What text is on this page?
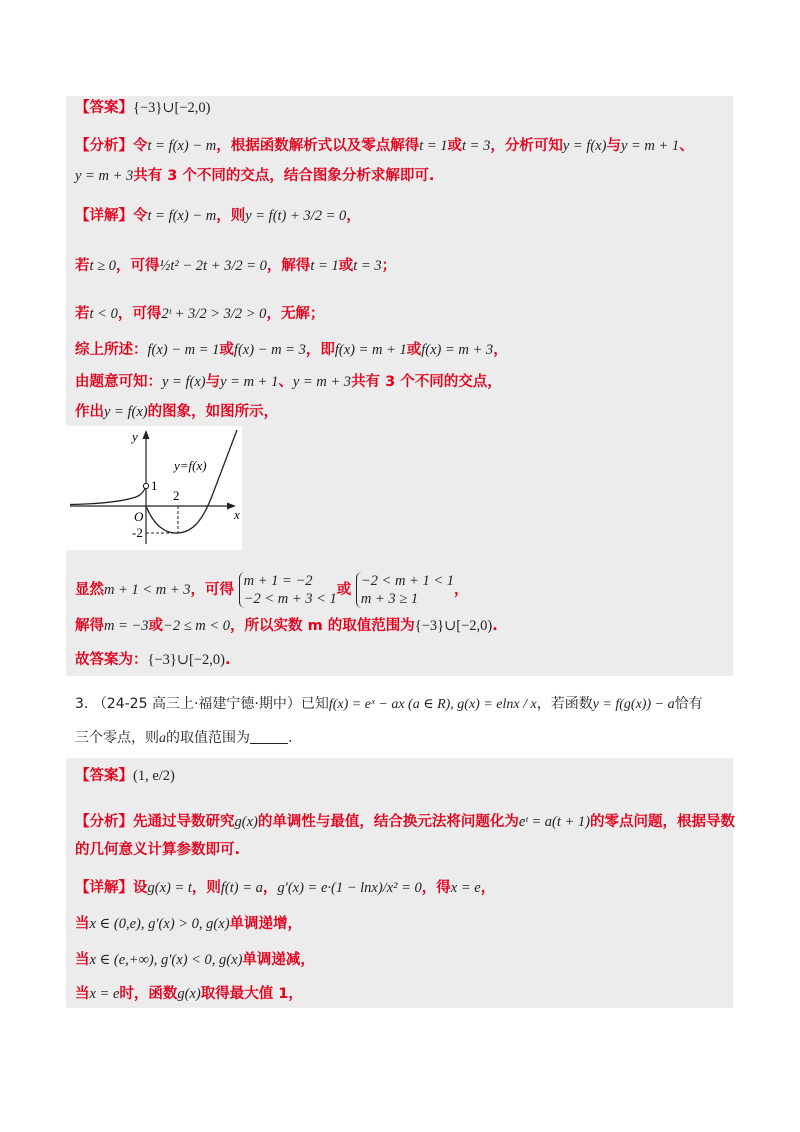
【答案】{−3}∪[−2,0)
【分析】令t = f(x) − m，根据函数解析式以及零点解得t = 1或t = 3，分析可知y = f(x)与y = m + 1、
y = m + 3共有 3 个不同的交点，结合图象分析求解即可.
【详解】令t = f(x) − m，则y = f(t) + 3/2 = 0，
若t ≥ 0，可得½t² − 2t + 3/2 = 0，解得t = 1或t = 3；
若t < 0，可得2ᵗ + 3/2 > 3/2 > 0，无解；
综上所述：f(x) − m = 1或f(x) − m = 3，即f(x) = m + 1或f(x) = m + 3，
由题意可知：y = f(x)与y = m + 1、y = m + 3共有 3 个不同的交点，
作出y = f(x)的图象，如图所示，
y
x
O
y=f(x)
1
2
-2
显然m + 1 < m + 3，可得
m + 1 = −2
−2 < m + 3 < 1
或
−2 < m + 1 < 1
m + 3 ≥ 1
，
解得m = −3或−2 ≤ m < 0，所以实数 m 的取值范围为{−3}∪[−2,0).
故答案为：{−3}∪[−2,0).
3. （24-25 高三上·福建宁德·期中）已知f(x) = eˣ − ax (a ∈ R), g(x) = elnx / x，若函数y = f(g(x)) − a恰有
三个零点，则a的取值范围为	.
【答案】(1, e/2)
【分析】先通过导数研究g(x)的单调性与最值，结合换元法将问题化为eᵗ = a(t + 1)的零点问题，根据导数
的几何意义计算参数即可.
【详解】设g(x) = t，则f(t) = a，g′(x) = e·(1 − lnx)/x² = 0，得x = e，
当x ∈ (0,e), g′(x) > 0, g(x)单调递增，
当x ∈ (e,+∞), g′(x) < 0, g(x)单调递减，
当x = e时，函数g(x)取得最大值 1，
